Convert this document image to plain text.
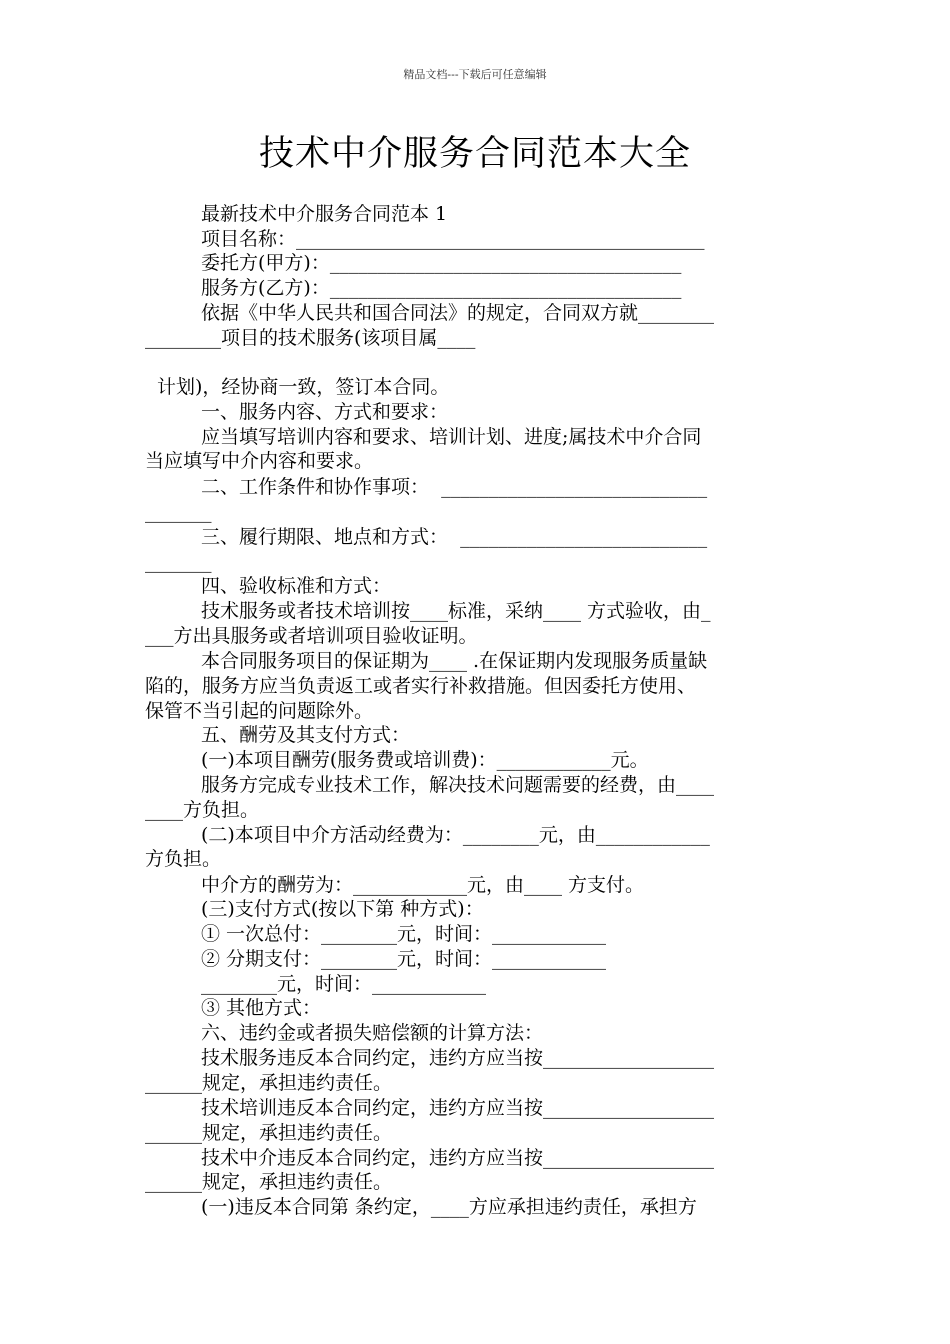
精品文档---下载后可任意编辑
技术中介服务合同范本大全

最新技术中介服务合同范本 1

项目名称：___________________________________________

委托方(甲方)：_____________________________________

服务方(乙方)：_____________________________________

依据《中华人民共和国合同法》的规定，合同双方就________

________项目的技术服务(该项目属____

计划)，经协商一致，签订本合同。

一、服务内容、方式和要求：

应当填写培训内容和要求、培训计划、进度;属技术中介合同

当应填写中介内容和要求。

二、工作条件和协作事项：  ____________________________

_______

三、履行期限、地点和方式：  __________________________

_______

四、验收标准和方式：

技术服务或者技术培训按____标准，采纳____ 方式验收，由_

___方出具服务或者培训项目验收证明。

本合同服务项目的保证期为____ .在保证期内发现服务质量缺

陷的，服务方应当负责返工或者实行补救措施。但因委托方使用、

保管不当引起的问题除外。

五、酬劳及其支付方式：

(一)本项目酬劳(服务费或培训费)：____________元。

服务方完成专业技术工作，解决技术问题需要的经费，由____

____方负担。

(二)本项目中介方活动经费为：________元，由____________

方负担。

中介方的酬劳为：____________元，由____ 方支付。

(三)支付方式(按以下第 种方式)：

① 一次总付：________元，时间：____________

② 分期支付：________元，时间：____________

________元，时间：____________

③ 其他方式：

六、违约金或者损失赔偿额的计算方法：

技术服务违反本合同约定，违约方应当按__________________

______规定，承担违约责任。

技术培训违反本合同约定，违约方应当按__________________

______规定，承担违约责任。

技术中介违反本合同约定，违约方应当按__________________

______规定，承担违约责任。

(一)违反本合同第 条约定，____方应承担违约责任，承担方
